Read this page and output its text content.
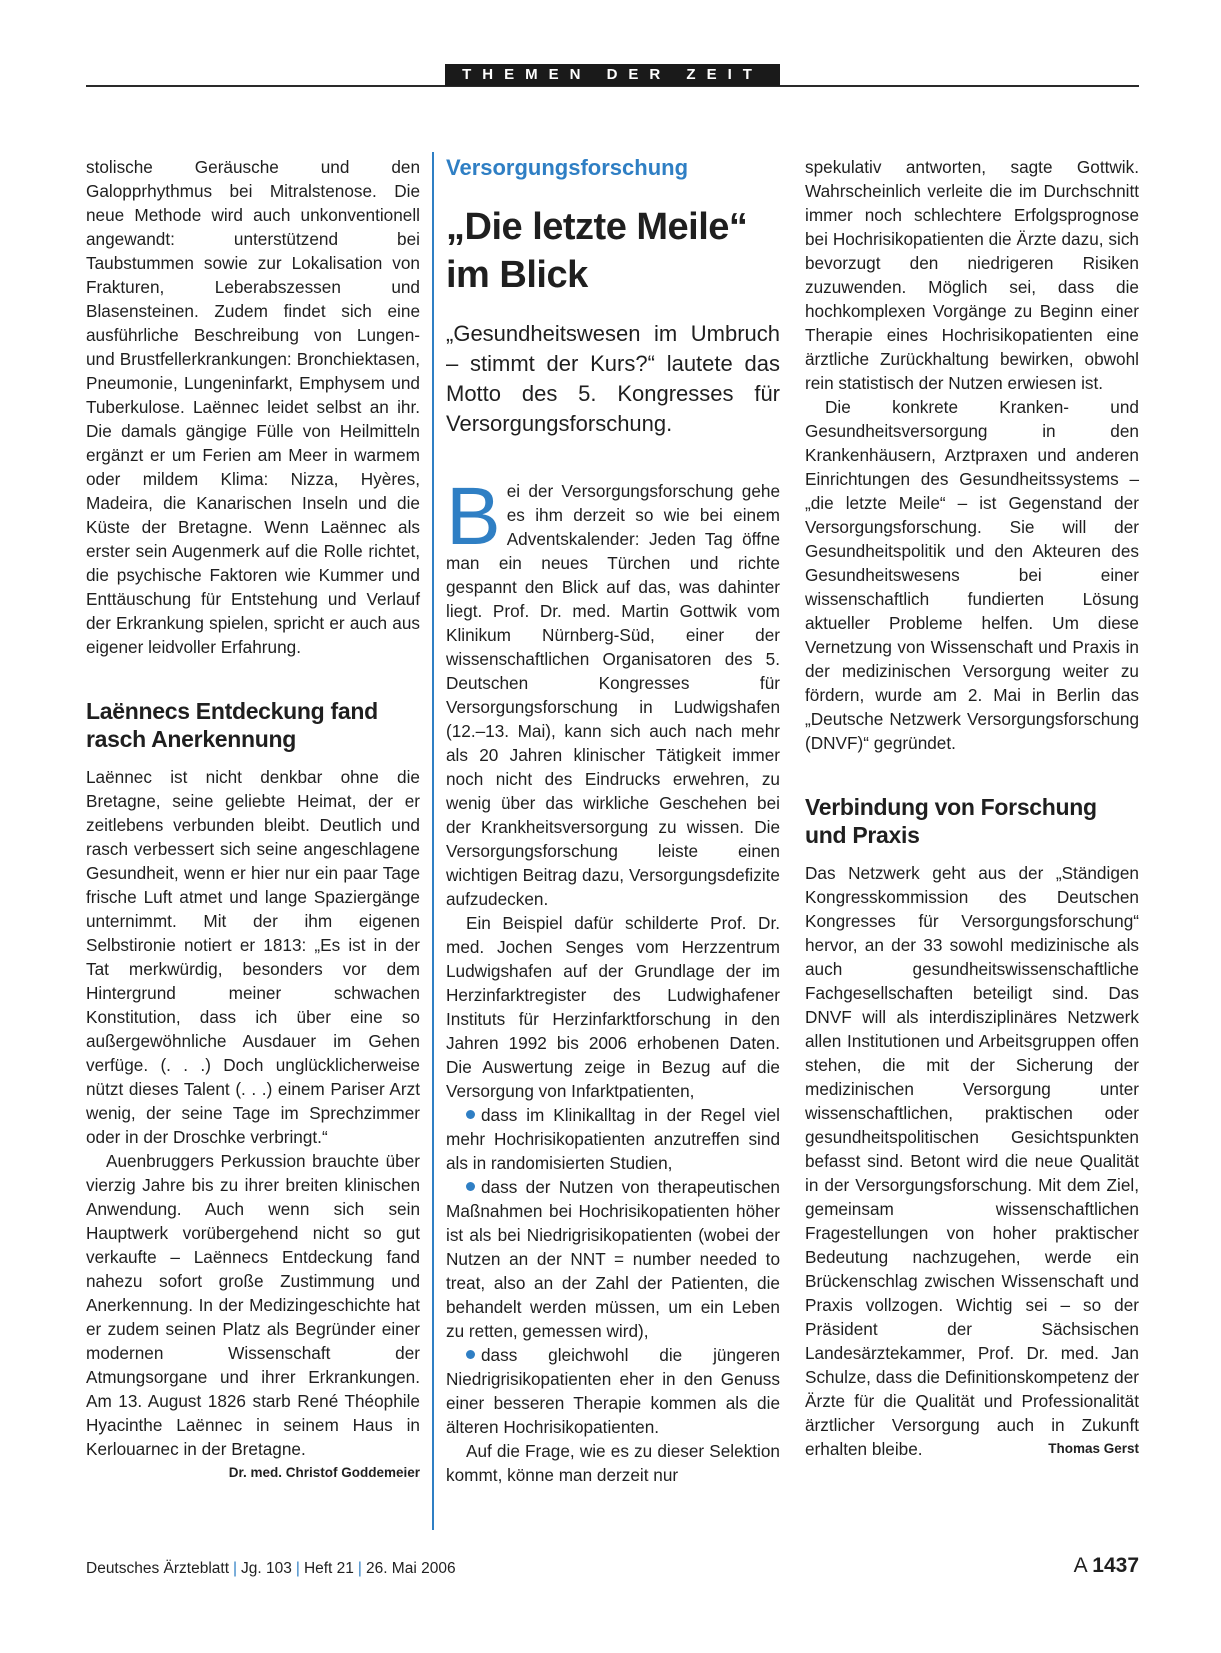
THEMEN DER ZEIT

stolische Geräusche und den Galopprhythmus bei Mitralstenose. Die neue Methode wird auch unkonventionell angewandt: unterstützend bei Taubstummen sowie zur Lokalisation von Frakturen, Leberabszessen und Blasensteinen. Zudem findet sich eine ausführliche Beschreibung von Lungen- und Brustfellerkrankungen: Bronchiektasen, Pneumonie, Lungeninfarkt, Emphysem und Tuberkulose. Laënnec leidet selbst an ihr. Die damals gängige Fülle von Heilmitteln ergänzt er um Ferien am Meer in warmem oder mildem Klima: Nizza, Hyères, Madeira, die Kanarischen Inseln und die Küste der Bretagne. Wenn Laënnec als erster sein Augenmerk auf die Rolle richtet, die psychische Faktoren wie Kummer und Enttäuschung für Entstehung und Verlauf der Erkrankung spielen, spricht er auch aus eigener leidvoller Erfahrung.

Laënnecs Entdeckung fand rasch Anerkennung

Laënnec ist nicht denkbar ohne die Bretagne, seine geliebte Heimat, der er zeitlebens verbunden bleibt. Deutlich und rasch verbessert sich seine angeschlagene Gesundheit, wenn er hier nur ein paar Tage frische Luft atmet und lange Spaziergänge unternimmt. Mit der ihm eigenen Selbstironie notiert er 1813: „Es ist in der Tat merkwürdig, besonders vor dem Hintergrund meiner schwachen Konstitution, dass ich über eine so außergewöhnliche Ausdauer im Gehen verfüge. (. . .) Doch unglücklicherweise nützt dieses Talent (. . .) einem Pariser Arzt wenig, der seine Tage im Sprechzimmer oder in der Droschke verbringt.“

Auenbruggers Perkussion brauchte über vierzig Jahre bis zu ihrer breiten klinischen Anwendung. Auch wenn sich sein Hauptwerk vorübergehend nicht so gut verkaufte – Laënnecs Entdeckung fand nahezu sofort große Zustimmung und Anerkennung. In der Medizingeschichte hat er zudem seinen Platz als Begründer einer modernen Wissenschaft der Atmungsorgane und ihrer Erkrankungen. Am 13. August 1826 starb René Théophile Hyacinthe Laënnec in seinem Haus in Kerlouarnec in der Bretagne.
Dr. med. Christof Goddemeier

Versorgungsforschung
„Die letzte Meile“ im Blick

„Gesundheitswesen im Umbruch – stimmt der Kurs?“ lautete das Motto des 5. Kongresses für Versorgungsforschung.

Bei der Versorgungsforschung gehe es ihm derzeit so wie bei einem Adventskalender: Jeden Tag öffne man ein neues Türchen und richte gespannt den Blick auf das, was dahinter liegt. Prof. Dr. med. Martin Gottwik vom Klinikum Nürnberg-Süd, einer der wissenschaftlichen Organisatoren des 5. Deutschen Kongresses für Versorgungsforschung in Ludwigshafen (12.–13. Mai), kann sich auch nach mehr als 20 Jahren klinischer Tätigkeit immer noch nicht des Eindrucks erwehren, zu wenig über das wirkliche Geschehen bei der Krankheitsversorgung zu wissen. Die Versorgungsforschung leiste einen wichtigen Beitrag dazu, Versorgungsdefizite aufzudecken.

Ein Beispiel dafür schilderte Prof. Dr. med. Jochen Senges vom Herzzentrum Ludwigshafen auf der Grundlage der im Herzinfarktregister des Ludwighafener Instituts für Herzinfarktforschung in den Jahren 1992 bis 2006 erhobenen Daten. Die Auswertung zeige in Bezug auf die Versorgung von Infarktpatienten,

dass im Klinikalltag in der Regel viel mehr Hochrisikopatienten anzutreffen sind als in randomisierten Studien,

dass der Nutzen von therapeutischen Maßnahmen bei Hochrisikopatienten höher ist als bei Niedrigrisikopatienten (wobei der Nutzen an der NNT = number needed to treat, also an der Zahl der Patienten, die behandelt werden müssen, um ein Leben zu retten, gemessen wird),

dass gleichwohl die jüngeren Niedrigrisikopatienten eher in den Genuss einer besseren Therapie kommen als die älteren Hochrisikopatienten.

Auf die Frage, wie es zu dieser Selektion kommt, könne man derzeit nur

spekulativ antworten, sagte Gottwik. Wahrscheinlich verleite die im Durchschnitt immer noch schlechtere Erfolgsprognose bei Hochrisikopatienten die Ärzte dazu, sich bevorzugt den niedrigeren Risiken zuzuwenden. Möglich sei, dass die hochkomplexen Vorgänge zu Beginn einer Therapie eines Hochrisikopatienten eine ärztliche Zurückhaltung bewirken, obwohl rein statistisch der Nutzen erwiesen ist.

Die konkrete Kranken- und Gesundheitsversorgung in den Krankenhäusern, Arztpraxen und anderen Einrichtungen des Gesundheitssystems – „die letzte Meile“ – ist Gegenstand der Versorgungsforschung. Sie will der Gesundheitspolitik und den Akteuren des Gesundheitswesens bei einer wissenschaftlich fundierten Lösung aktueller Probleme helfen. Um diese Vernetzung von Wissenschaft und Praxis in der medizinischen Versorgung weiter zu fördern, wurde am 2. Mai in Berlin das „Deutsche Netzwerk Versorgungsforschung (DNVF)“ gegründet.

Verbindung von Forschung und Praxis

Das Netzwerk geht aus der „Ständigen Kongresskommission des Deutschen Kongresses für Versorgungsforschung“ hervor, an der 33 sowohl medizinische als auch gesundheitswissenschaftliche Fachgesellschaften beteiligt sind. Das DNVF will als interdisziplinäres Netzwerk allen Institutionen und Arbeitsgruppen offen stehen, die mit der Sicherung der medizinischen Versorgung unter wissenschaftlichen, praktischen oder gesundheitspolitischen Gesichtspunkten befasst sind. Betont wird die neue Qualität in der Versorgungsforschung. Mit dem Ziel, gemeinsam wissenschaftlichen Fragestellungen von hoher praktischer Bedeutung nachzugehen, werde ein Brückenschlag zwischen Wissenschaft und Praxis vollzogen. Wichtig sei – so der Präsident der Sächsischen Landesärztekammer, Prof. Dr. med. Jan Schulze, dass die Definitionskompetenz der Ärzte für die Qualität und Professionalität ärztlicher Versorgung auch in Zukunft erhalten bleibe.	Thomas Gerst

Deutsches Ärzteblatt | Jg. 103 | Heft 21 | 26. Mai 2006	A 1437
